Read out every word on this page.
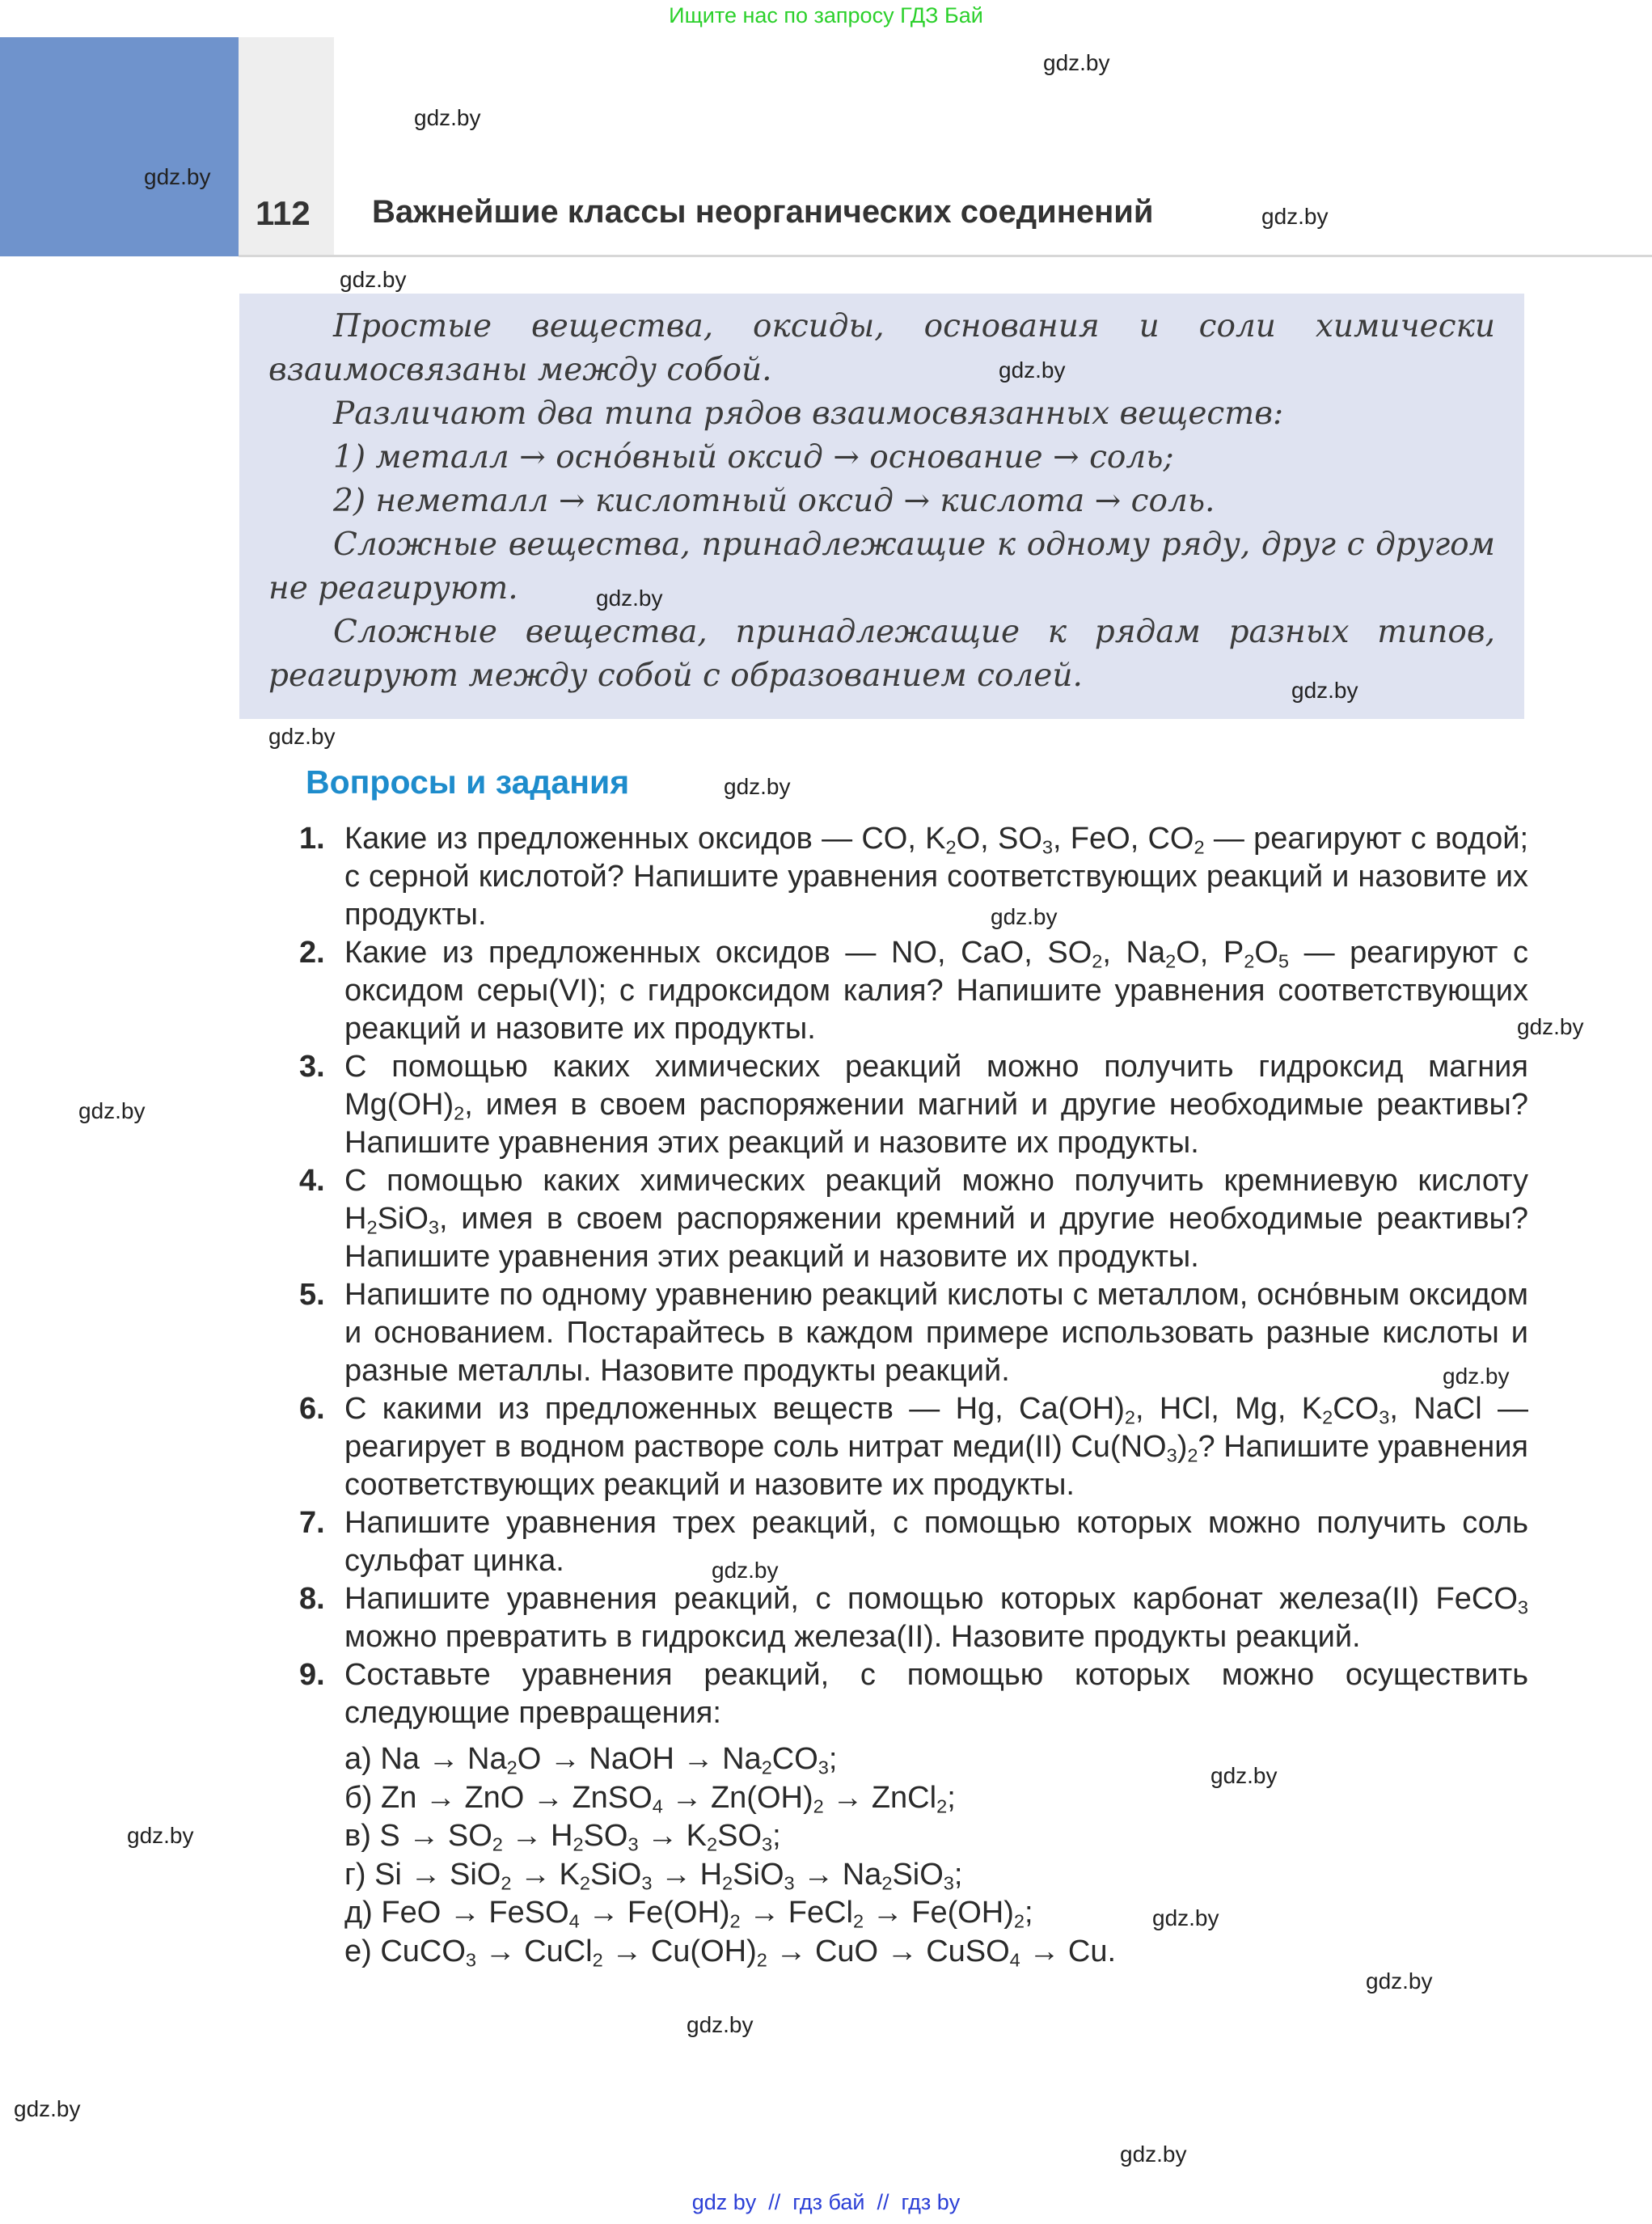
Ищите нас по запросу ГДЗ Бай
112 Важнейшие классы неорганических соединений

Простые вещества, оксиды, основания и соли химически взаимосвязаны между собой.

Различают два типа рядов взаимосвязанных веществ:

1) металл → осно́вный оксид → основание → соль;

2) неметалл → кислотный оксид → кислота → соль.

Сложные вещества, принадлежащие к одному ряду, друг с другом не реагируют.

Сложные вещества, принадлежащие к рядам разных типов, реагируют между собой с образованием солей.

Вопросы и задания
1. Какие из предложенных оксидов — CO, $K_2O$, $SO_3$, FeO, $CO_2$ — реагируют с водой; с серной кислотой? Напишите уравнения соответствующих реакций и назовите их продукты.
2. Какие из предложенных оксидов — NO, CaO, $SO_2$, $Na_2O$, $P_2O_5$ — реагируют с оксидом серы(VI); с гидроксидом калия? Напишите уравнения соответствующих реакций и назовите их продукты.
3. С помощью каких химических реакций можно получить гидроксид магния $Mg(OH)_2$, имея в своем распоряжении магний и другие необходимые реактивы? Напишите уравнения этих реакций и назовите их продукты.
4. С помощью каких химических реакций можно получить кремниевую кислоту $H_2SiO_3$, имея в своем распоряжении кремний и другие необходимые реактивы? Напишите уравнения этих реакций и назовите их продукты.
5. Напишите по одному уравнению реакций кислоты с металлом, осно́вным оксидом и основанием. Постарайтесь в каждом примере использовать разные кислоты и разные металлы. Назовите продукты реакций.
6. С какими из предложенных веществ — Hg, $Ca(OH)_2$, HCl, Mg, $K_2CO_3$, NaCl — реагирует в водном растворе соль нитрат меди(II) $Cu(NO_3)_2$? Напишите уравнения соответствующих реакций и назовите их продукты.
7. Напишите уравнения трех реакций, с помощью которых можно получить соль сульфат цинка.
8. Напишите уравнения реакций, с помощью которых карбонат железа(II) FeCO$_3$ можно превратить в гидроксид железа(II). Назовите продукты реакций.
9. Составьте уравнения реакций, с помощью которых можно осуществить следующие превращения:
а) $Na \to Na_2O$ → NaOH → $Na_2CO_3$;
б) Zn → ZnO → ZnSO$_4$ → $Zn(OH)_2$ → ZnCl$_2$;
в) $S \to SO_2 \to H_2SO_3 \to K_2SO_3$;
г) $Si \to SiO_2 \to K_2SiO_3 \to H_2SiO_3 \to Na_2SiO_3$;
д) FeO → FeSO$_4$ → $Fe(OH)_2$ → FeCl$_2$ → $Fe(OH)_2$;
е) CuCO$_3$ → CuCl$_2$ → $Cu(OH)_2$ → CuO → CuSO$_4$ → Cu.
gdz.by
gdz.by
gdz.by
gdz.by
gdz.by
gdz.by
gdz.by
gdz.by
gdz.by
gdz.by
gdz.by
gdz.by
gdz.by
gdz.by
gdz.by
gdz.by
gdz.by
gdz.by
gdz.by
gdz.by
gdz.by
gdz.by
gdz by  //  гдз бай  //  гдз by
